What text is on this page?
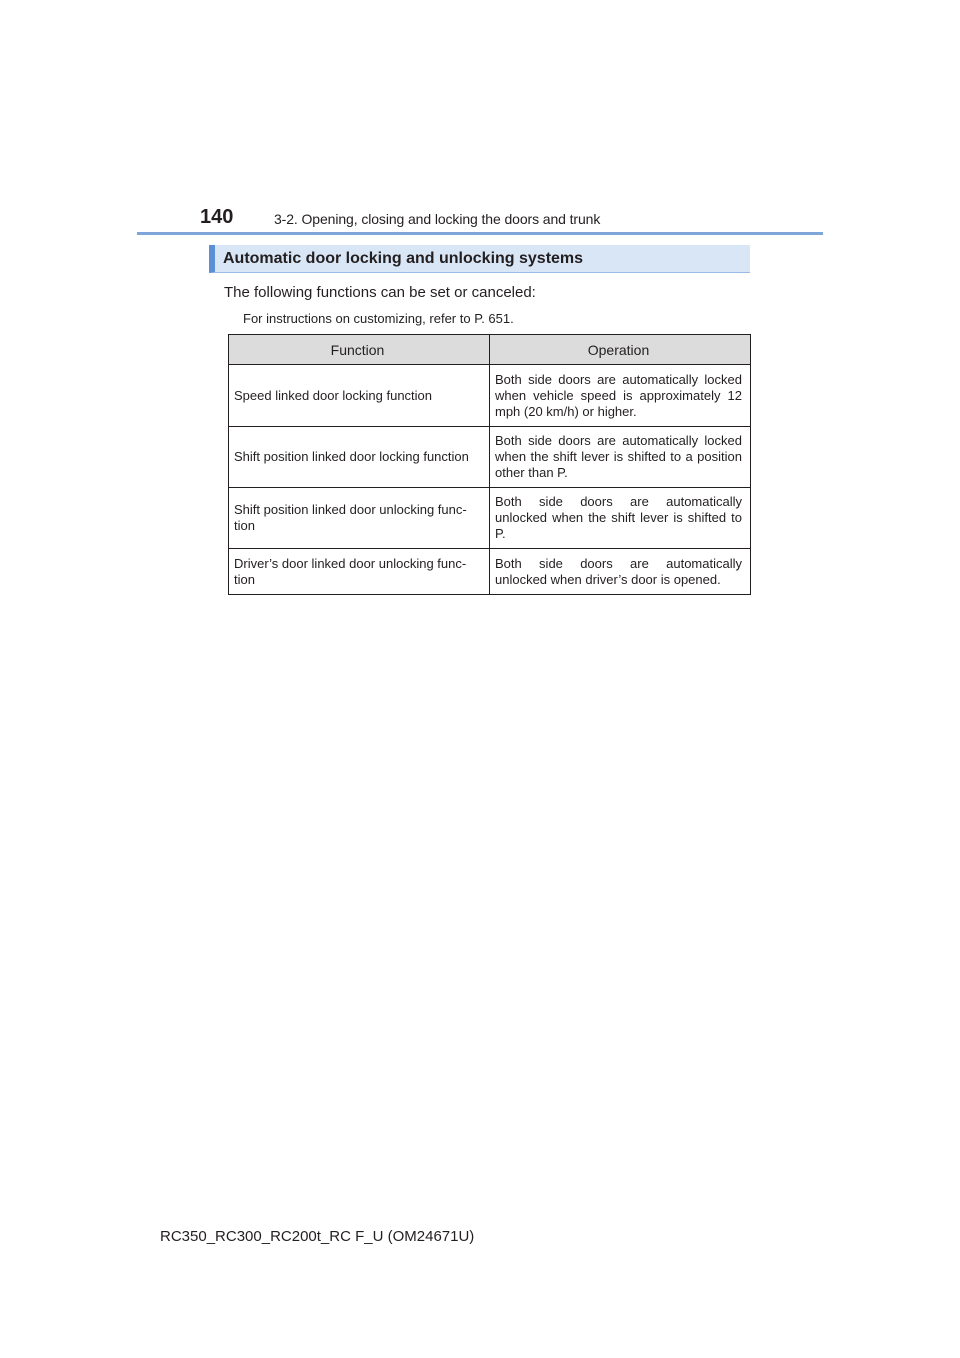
140	3-2. Opening, closing and locking the doors and trunk
Automatic door locking and unlocking systems
The following functions can be set or canceled:
For instructions on customizing, refer to P. 651.
Function	Operation
Speed linked door locking function	Both side doors are automatically locked when vehicle speed is approximately 12 mph (20 km/h) or higher.
Shift position linked door locking function	Both side doors are automatically locked when the shift lever is shifted to a position other than P.
Shift position linked door unlocking func-tion	Both side doors are automatically unlocked when the shift lever is shifted to P.
Driver’s door linked door unlocking func-tion	Both side doors are automatically unlocked when driver’s door is opened.
RC350_RC300_RC200t_RC F_U (OM24671U)
